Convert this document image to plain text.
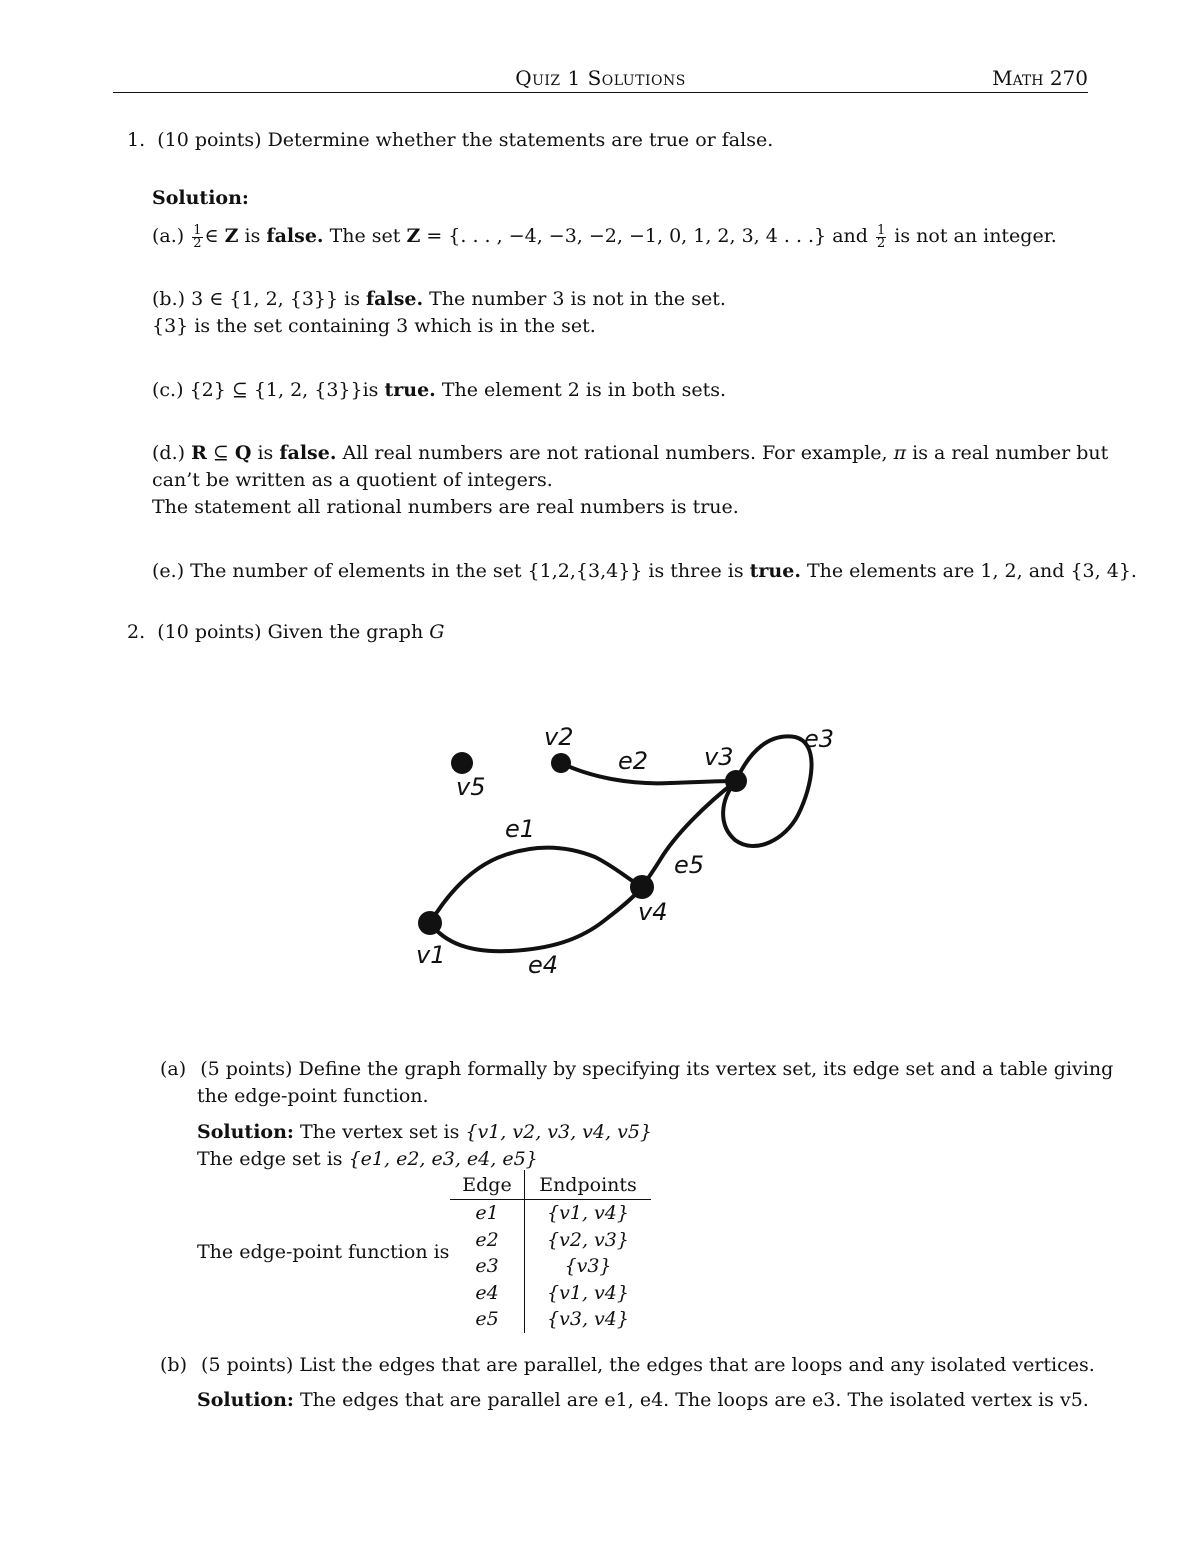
Quiz 1 Solutions	Math 270
1. (10 points) Determine whether the statements are true or false.
Solution:
$(a.) \frac{1}{2}$ ∈ Z is false. The set Z = {. . . , −4, −3, −2, −1, 0, 1, 2, 3, 4 . . .} and $\frac{1}{2}$ is not an integer.
(b.) 3 ∈ {1, 2, {3}} is false. The number 3 is not in the set.
{3} is the set containing 3 which is in the set.
(c.) {2} ⊆ {1, 2, {3}}is true. The element 2 is in both sets.
(d.) R ⊆ Q is false. All real numbers are not rational numbers. For example, π is a real number but
can’t be written as a quotient of integers.
The statement all rational numbers are real numbers is true.
(e.) The number of elements in the set {1,2,{3,4}} is three is true. The elements are 1, 2, and {3, 4}.
2. (10 points) Given the graph G
v5
v2
v3
v4
v1
e1
e2
e3
e4
e5
(a) (5 points) Define the graph formally by specifying its vertex set, its edge set and a table giving
the edge-point function.
Solution: The vertex set is {v1, v2, v3, v4, v5}
The edge set is {e1, e2, e3, e4, e5}
The edge-point function is
Edge	Endpoints
e1	{v1, v4}
e2	{v2, v3}
e3	{v3}
e4	{v1, v4}
e5	{v3, v4}
(b) (5 points) List the edges that are parallel, the edges that are loops and any isolated vertices.
Solution: The edges that are parallel are e1, e4. The loops are e3. The isolated vertex is v5.
